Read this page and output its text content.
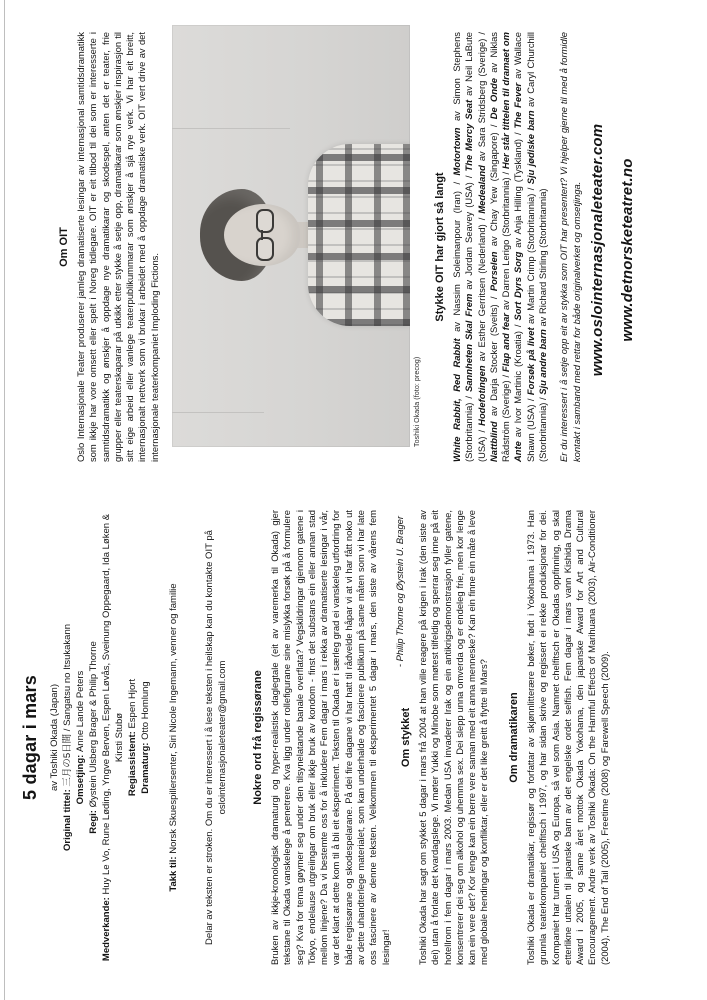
5 dagar i mars av Toshiki Okada (Japan)
Original tittel: 三月の5日間 / Sangatsu no Itsukakann Omsetjing: Anne Lande Peters
Regi: Øystein Ulsberg Brager & Philip Thorne
Medverkande: Huy Le Vo, Rune Løding, Yngve Berven, Espen Løvås, Sveinung Oppegaard, Ida Løken & Kirsti Stubø Regiassistent: Espen Hjort
Dramaturg: Otto Homlung
Takk til: Norsk Skuespillersenter, Siri Nicole Ingemann, venner og familie	Delar av teksten er stroken. Om du er interessert i å lese teksten i heilskap kan du kontakte OIT på oslointernasjonaleteater@gmail.com Nokre ord frå regissørane Bruken av ikkje-kronologisk dramaturgi og hyper-realistisk daglegtale (eit av varemerka til Okada) gjer tekstane til Okada vanskelege å penetrere. Kva ligg under rollefigurane sine mislykka forsøk på å formulere seg? Kva for tema gøymer seg under den tilsynelatande banale overflata? Vegskildringar gjennom gatene i Tokyo, endelause utgreiingar om bruk eller ikkje bruk av kondom - finst det substans ein eller annan stad mellom linjene? Da vi bestemte oss for å inkludere Fem dagar i mars i rekka av dramatiserte lesingar i vår, var det klart at dette kom til å bli eit eksperiment. Teksten til Okada er i særleg grad ei vanskeleg utfordring for både regissørane og skodespelarane. På dei fire dagane vi har hatt til rådvelde håpar vi at vi har fått noko ut av dette uhandterlege materialet, som kan underhalde og fascinere publikum på same måten som vi har late oss fascinere av denne teksten. Velkommen til eksperimentet 5 dagar i mars, den siste av vårens fem lesingar!
- Philip Thorne og Øystein U. Brager
Om stykket Toshiki Okada har sagt om stykket 5 dagar i mars frå 2004 at han ville reagere på krigen i Irak (den siste av dei) utan å forlate det kvardagslege. Vi møter Yukki og Minobe som møtest tilfeldig og sperrar seg inne på eit hotellrom i fem dagar i mars 2003. Medan USA invaderer Irak og ein antikrigsdemonstrasjon fyller gatene, konsentrerer dei seg om alkohol og uhemma sex. Dei slepp unna omverda og er endeleg frie, men kor lenge kan ein vere det? Kor lenge kan ein berre vere saman med eit anna menneske? Kan ein finne ein måte å leve med globale hendingar og konfliktar, eller er det like greitt å flytte til Mars? Om dramatikaren Toshiki Okada er dramatikar, regissør og forfattar av skjønnlitterære bøker, født i Yokohama i 1973. Han grunnla teaterkompaniet chelfitsch i 1997, og har sidan skrive og regissert ei rekke produksjonar for dei. Kompaniet har turnert i USA og Europa, så vel som Asia. Namnet chelfitsch er Okadas oppfinning, og skal etterlikne uttalen til japanske barn av det engelske ordet selfish. Fem dagar i mars vann Kishida Drama Award i 2005, og same året mottok Okada Yokohama, den japanske Award for Art and Cultural Encouragement. Andre verk av Toshiki Okada: On the Harmful Effects of Marihuana (2003), Air-Conditioner (2004), The End of Tail (2005), Freetime (2008) og Farewell Speech (2009).
Om OIT Oslo Internasjonale Teater produserer jamleg dramatiserte lesingar av internasjonal samtidsdramatikk som ikkje har vore omsett eller spelt i Noreg tidlegare. OIT er eit tilbod til dei som er interesserte i samtidsdramatikk og ønskjer å oppdage nye dramatikarar og skodespel, anten det er teater, frie grupper eller teaterskaparar på utkikk etter stykke å setje opp, dramatikarar som ønskjer inspirasjon til sitt eige arbeid eller vanlege teaterpublikummarar som ønskjer å sjå nye verk. Vi har eit breitt, internasjonalt nettverk som vi brukar i arbeidet med å oppdage dramatiske verk. OIT vert drive av det internasjonale teaterkompaniet Imploding Fictions.	Toshiki Okada (foto: precog)
Stykke OIT har gjort så langt
White Rabbit, Red Rabbit av Nassim Soleimanpour (Iran) / Motortown av Simon Stephens (Storbritannia) / Sannheten Skal Frem av Jordan Seavey (USA) / The Mercy Seat av Neil LaBute (USA) / Hodefotingen av Esther Gerritsen (Nederland) / Medealand av Sara Stridsberg (Sverige) / Nattblind av Darja Stocker (Sveits) / Porselen av Chay Yew (Singapore) / De Onde av Niklas Rådström (Sverige) / Flap and fear av Darren Lerigo (Storbritannia) / Her står tittelen til dramaet om Ante av Ivor Martinic (Kroatia) / Sort Dyrs Sorg av Anja Hilling (Tyskland) / The Fever av Wallace Shawn (USA) / Forsøk på livet av Martin Crimp (Storbritannia) / Sju jødiske barn av Caryl Churchill (Storbritannia) / Sju andre barn av Richard Stirling (Storbritannia) Er du interessert i å setje opp eit av stykka som OIT har presentert? Vi hjelper gjerne til med å formidle kontakt i samband med rettar for både originalverket og omsetjinga. www.oslointernasjonaleteater.com www.detnorsketeatret.no
